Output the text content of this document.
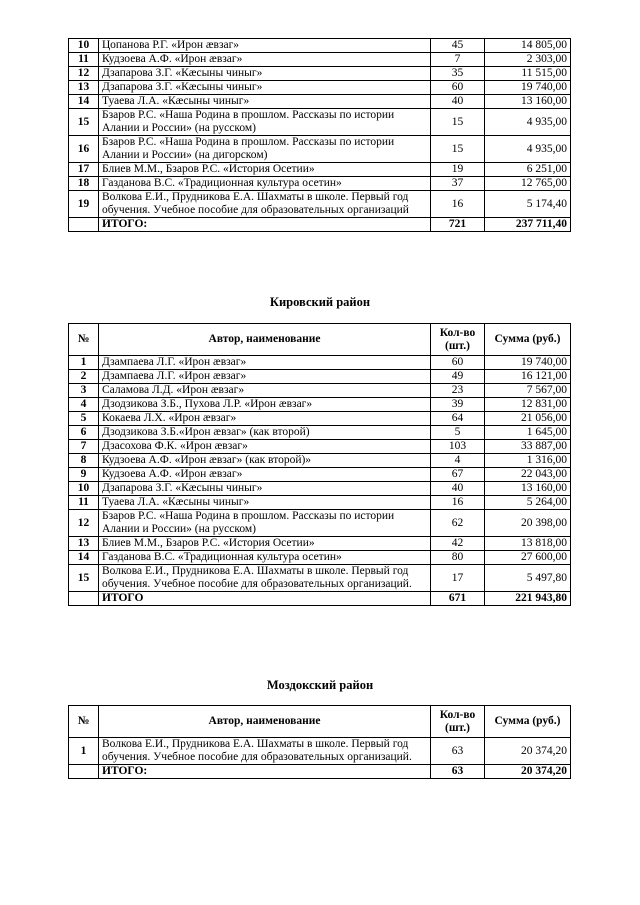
10	Цопанова Р.Г. «Ирон æвзаг»	45	14 805,00
11	Кудзоева А.Ф. «Ирон æвзаг»	7	2 303,00
12	Дзапарова З.Г. «Кæсыны чиныг»	35	11 515,00
13	Дзапарова З.Г. «Кæсыны чиныг»	60	19 740,00
14	Туаева Л.А. «Кæсыны чиныг»	40	13 160,00
15	Бзаров Р.С. «Наша Родина в прошлом. Рассказы по истории Алании и России» (на русском)	15	4 935,00
16	Бзаров Р.С. «Наша Родина в прошлом. Рассказы по истории Алании и России» (на дигорском)	15	4 935,00
17	Блиев М.М., Бзаров Р.С. «История Осетии»	19	6 251,00
18	Газданова В.С. «Традиционная культура осетин»	37	12 765,00
19	Волкова Е.И., Прудникова Е.А. Шахматы в школе. Первый год обучения. Учебное пособие для образовательных организаций	16	5 174,40
	ИТОГО:	721	237 711,40
Кировский район
№	Автор, наименование	Кол-во (шт.)	Сумма (руб.)
1	Дзампаева Л.Г. «Ирон æвзаг»	60	19 740,00
2	Дзампаева Л.Г. «Ирон æвзаг»	49	16 121,00
3	Саламова Л.Д. «Ирон æвзаг»	23	7 567,00
4	Дзодзикова З.Б., Пухова Л.Р. «Ирон æвзаг»	39	12 831,00
5	Кокаева Л.Х. «Ирон æвзаг»	64	21 056,00
6	Дзодзикова З.Б.«Ирон æвзаг» (как второй)	5	1 645,00
7	Дзасохова Ф.К. «Ирон æвзаг»	103	33 887,00
8	Кудзоева А.Ф. «Ирон æвзаг» (как второй)»	4	1 316,00
9	Кудзоева А.Ф. «Ирон æвзаг»	67	22 043,00
10	Дзапарова З.Г. «Кæсыны чиныг»	40	13 160,00
11	Туаева Л.А. «Кæсыны чиныг»	16	5 264,00
12	Бзаров Р.С. «Наша Родина в прошлом. Рассказы по истории Алании и России» (на русском)	62	20 398,00
13	Блиев М.М., Бзаров Р.С. «История Осетии»	42	13 818,00
14	Газданова В.С. «Традиционная культура осетин»	80	27 600,00
15	Волкова Е.И., Прудникова Е.А. Шахматы в школе. Первый год обучения. Учебное пособие для образовательных организаций.	17	5 497,80
	ИТОГО	671	221 943,80
Моздокский район
№	Автор, наименование	Кол-во (шт.)	Сумма (руб.)
1	Волкова Е.И., Прудникова Е.А. Шахматы в школе. Первый год обучения. Учебное пособие для образовательных организаций.	63	20 374,20
	ИТОГО:	63	20 374,20
